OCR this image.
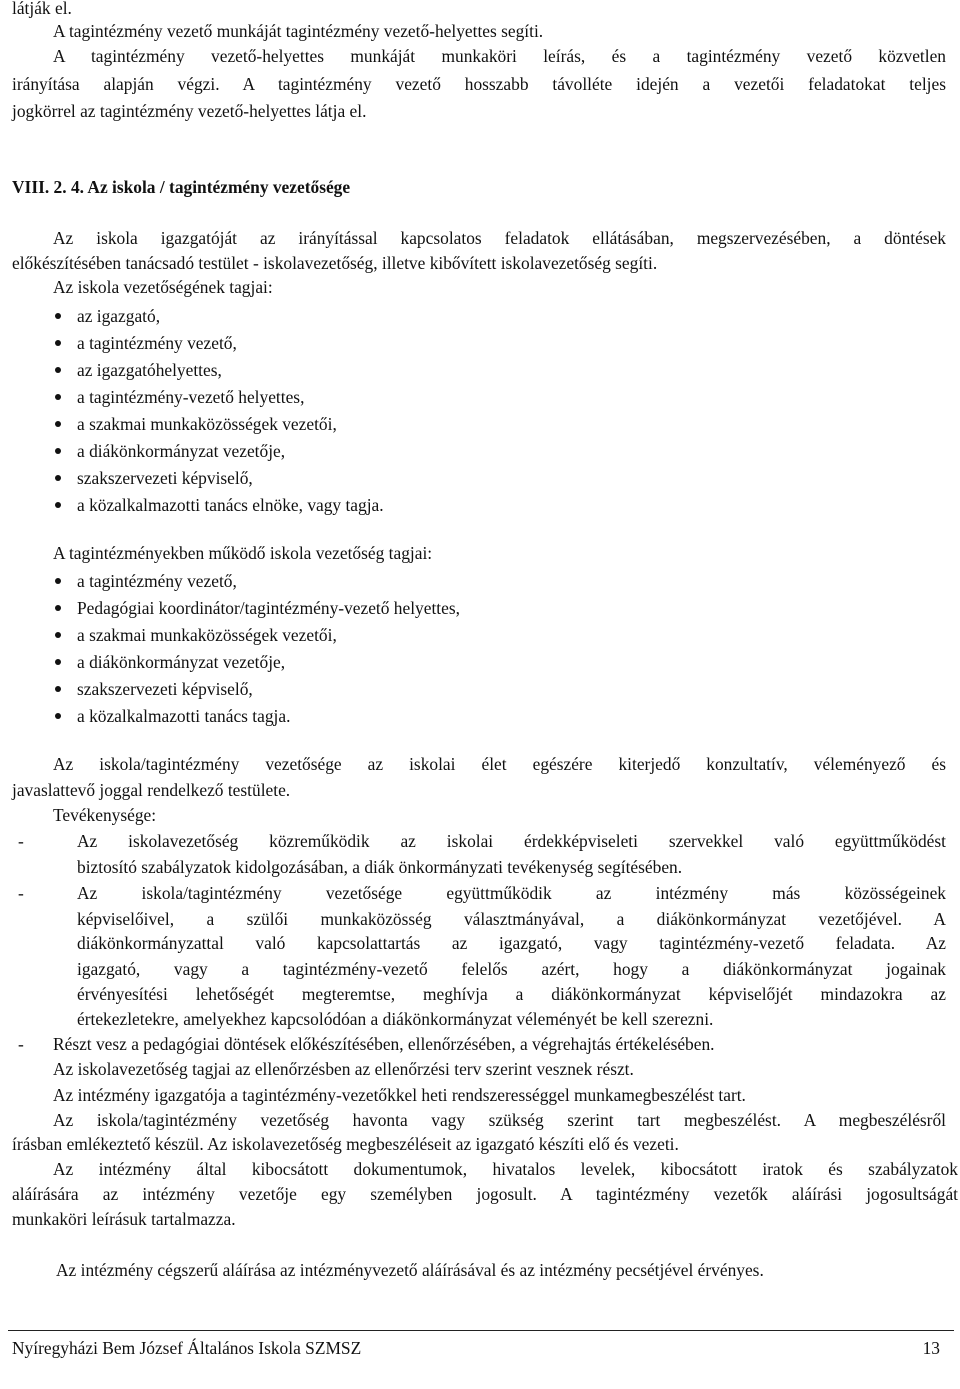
látják el.
A tagintézmény vezető munkáját tagintézmény vezető-helyettes segíti.
A tagintézmény vezető-helyettes munkáját munkaköri leírás, és a tagintézmény vezető közvetlen
irányítása alapján végzi. A tagintézmény vezető hosszabb távolléte idején a vezetői feladatokat teljes
jogkörrel az tagintézmény vezető-helyettes látja el.
VIII. 2. 4. Az iskola / tagintézmény vezetősége
Az iskola igazgatóját az irányítással kapcsolatos feladatok ellátásában, megszervezésében, a döntések
előkészítésében tanácsadó testület - iskolavezetőség, illetve kibővített iskolavezetőség segíti.
Az iskola vezetőségének tagjai:
az igazgató,
a tagintézmény vezető,
az igazgatóhelyettes,
a tagintézmény-vezető helyettes,
a szakmai munkaközösségek vezetői,
a diákönkormányzat vezetője,
szakszervezeti képviselő,
a közalkalmazotti tanács elnöke, vagy tagja.
A tagintézményekben működő iskola vezetőség tagjai:
a tagintézmény vezető,
Pedagógiai koordinátor/tagintézmény-vezető helyettes,
a szakmai munkaközösségek vezetői,
a diákönkormányzat vezetője,
szakszervezeti képviselő,
a közalkalmazotti tanács tagja.
Az iskola/tagintézmény vezetősége az iskolai élet egészére kiterjedő konzultatív, véleményező és
javaslattevő joggal rendelkező testülete.
Tevékenysége:
-	Az iskolavezetőség közreműködik az iskolai érdekképviseleti szervekkel való együttműködést
biztosító szabályzatok kidolgozásában, a diák önkormányzati tevékenység segítésében.
-	Az iskola/tagintézmény vezetősége együttműködik az intézmény más közösségeinek
képviselőivel, a szülői munkaközösség választmányával, a diákönkormányzat vezetőjével. A
diákönkormányzattal való kapcsolattartás az igazgató, vagy tagintézmény-vezető feladata. Az
igazgató, vagy a tagintézmény-vezető felelős azért, hogy a diákönkormányzat jogainak
érvényesítési lehetőségét megteremtse, meghívja a diákönkormányzat képviselőjét mindazokra az
értekezletekre, amelyekhez kapcsolódóan a diákönkormányzat véleményét be kell szerezni.
- Részt vesz a pedagógiai döntések előkészítésében, ellenőrzésében, a végrehajtás értékelésében.
Az iskolavezetőség tagjai az ellenőrzésben az ellenőrzési terv szerint vesznek részt.
Az intézmény igazgatója a tagintézmény-vezetőkkel heti rendszerességgel munkamegbeszélést tart.
Az iskola/tagintézmény vezetőség havonta vagy szükség szerint tart megbeszélést. A megbeszélésről
írásban emlékeztető készül. Az iskolavezetőség megbeszéléseit az igazgató készíti elő és vezeti.
Az intézmény által kibocsátott dokumentumok, hivatalos levelek, kibocsátott iratok és szabályzatok
aláírására az intézmény vezetője egy személyben jogosult. A tagintézmény vezetők aláírási jogosultságát
munkaköri leírásuk tartalmazza.
Az intézmény cégszerű aláírása az intézményvezető aláírásával és az intézmény pecsétjével érvényes.
Nyíregyházi Bem József Általános Iskola SZMSZ	13
